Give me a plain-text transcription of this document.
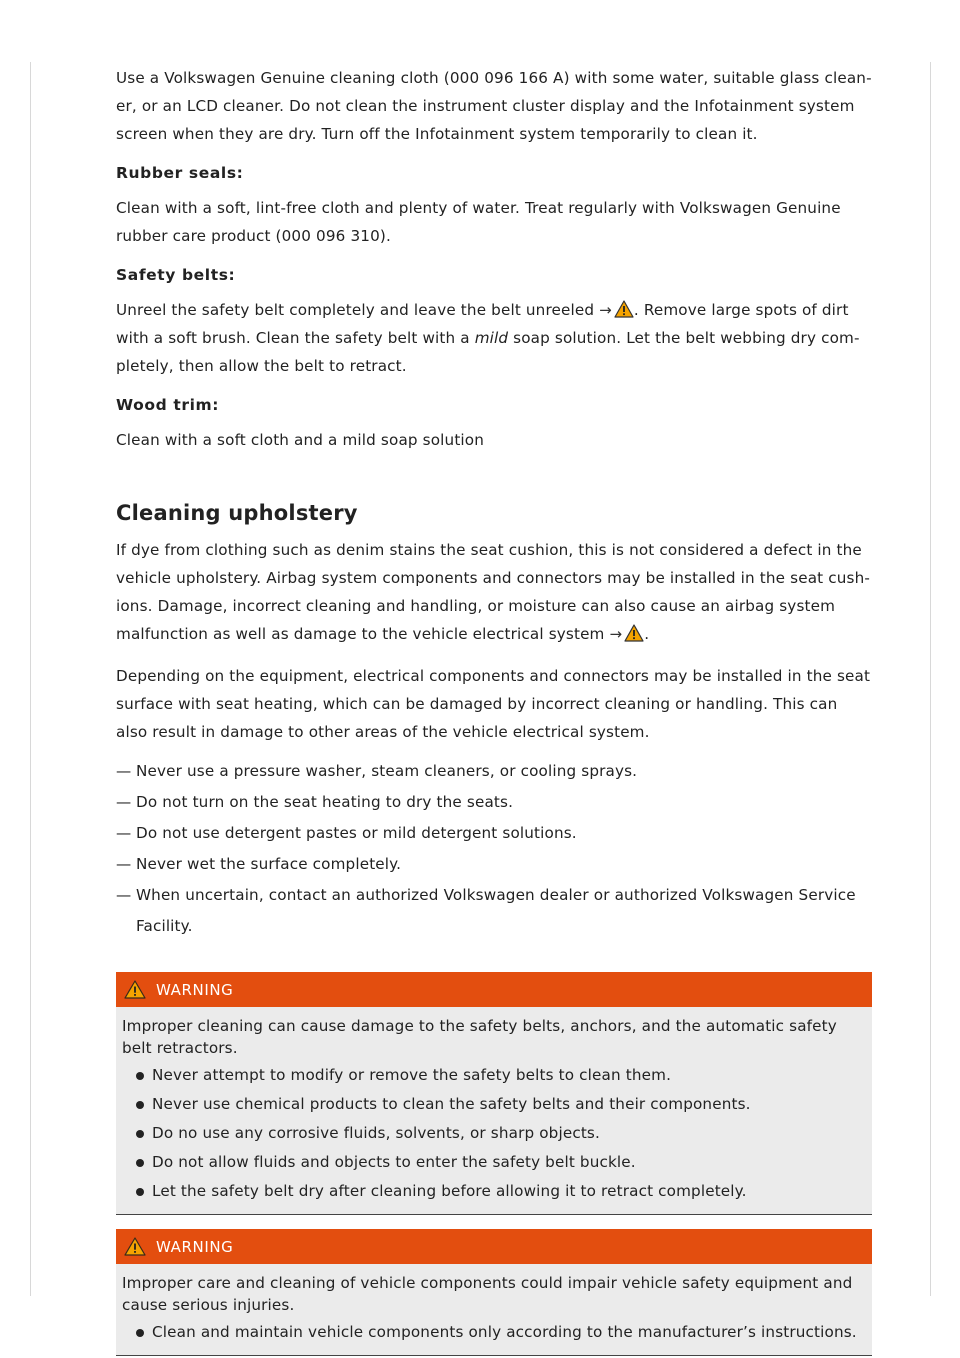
Use a Volkswagen Genuine cleaning cloth (000 096 166 A) with some water, suitable glass cleaner, or an LCD cleaner. Do not clean the instrument cluster display and the Infotainment system screen when they are dry. Turn off the Infotainment system temporarily to clean it.

Rubber seals:

Clean with a soft, lint-free cloth and plenty of water. Treat regularly with Volkswagen Genuine rubber care product (000 096 310).

Safety belts:

Unreel the safety belt completely and leave the belt unreeled → . Remove large spots of dirt with a soft brush. Clean the safety belt with a mild soap solution. Let the belt webbing dry completely, then allow the belt to retract.

Wood trim:

Clean with a soft cloth and a mild soap solution

Cleaning upholstery

If dye from clothing such as denim stains the seat cushion, this is not considered a defect in the vehicle upholstery. Airbag system components and connectors may be installed in the seat cushions. Damage, incorrect cleaning and handling, or moisture can also cause an airbag system malfunction as well as damage to the vehicle electrical system → .

Depending on the equipment, electrical components and connectors may be installed in the seat surface with seat heating, which can be damaged by incorrect cleaning or handling. This can also result in damage to other areas of the vehicle electrical system.

— Never use a pressure washer, steam cleaners, or cooling sprays.
— Do not turn on the seat heating to dry the seats.
— Do not use detergent pastes or mild detergent solutions.
— Never wet the surface completely.
— When uncertain, contact an authorized Volkswagen dealer or authorized Volkswagen Service Facility.
WARNING

Improper cleaning can cause damage to the safety belts, anchors, and the automatic safety belt retractors.

Never attempt to modify or remove the safety belts to clean them.
Never use chemical products to clean the safety belts and their components.
Do no use any corrosive fluids, solvents, or sharp objects.
Do not allow fluids and objects to enter the safety belt buckle.
Let the safety belt dry after cleaning before allowing it to retract completely.
WARNING

Improper care and cleaning of vehicle components could impair vehicle safety equipment and cause serious injuries.

Clean and maintain vehicle components only according to the manufacturer’s instructions.
